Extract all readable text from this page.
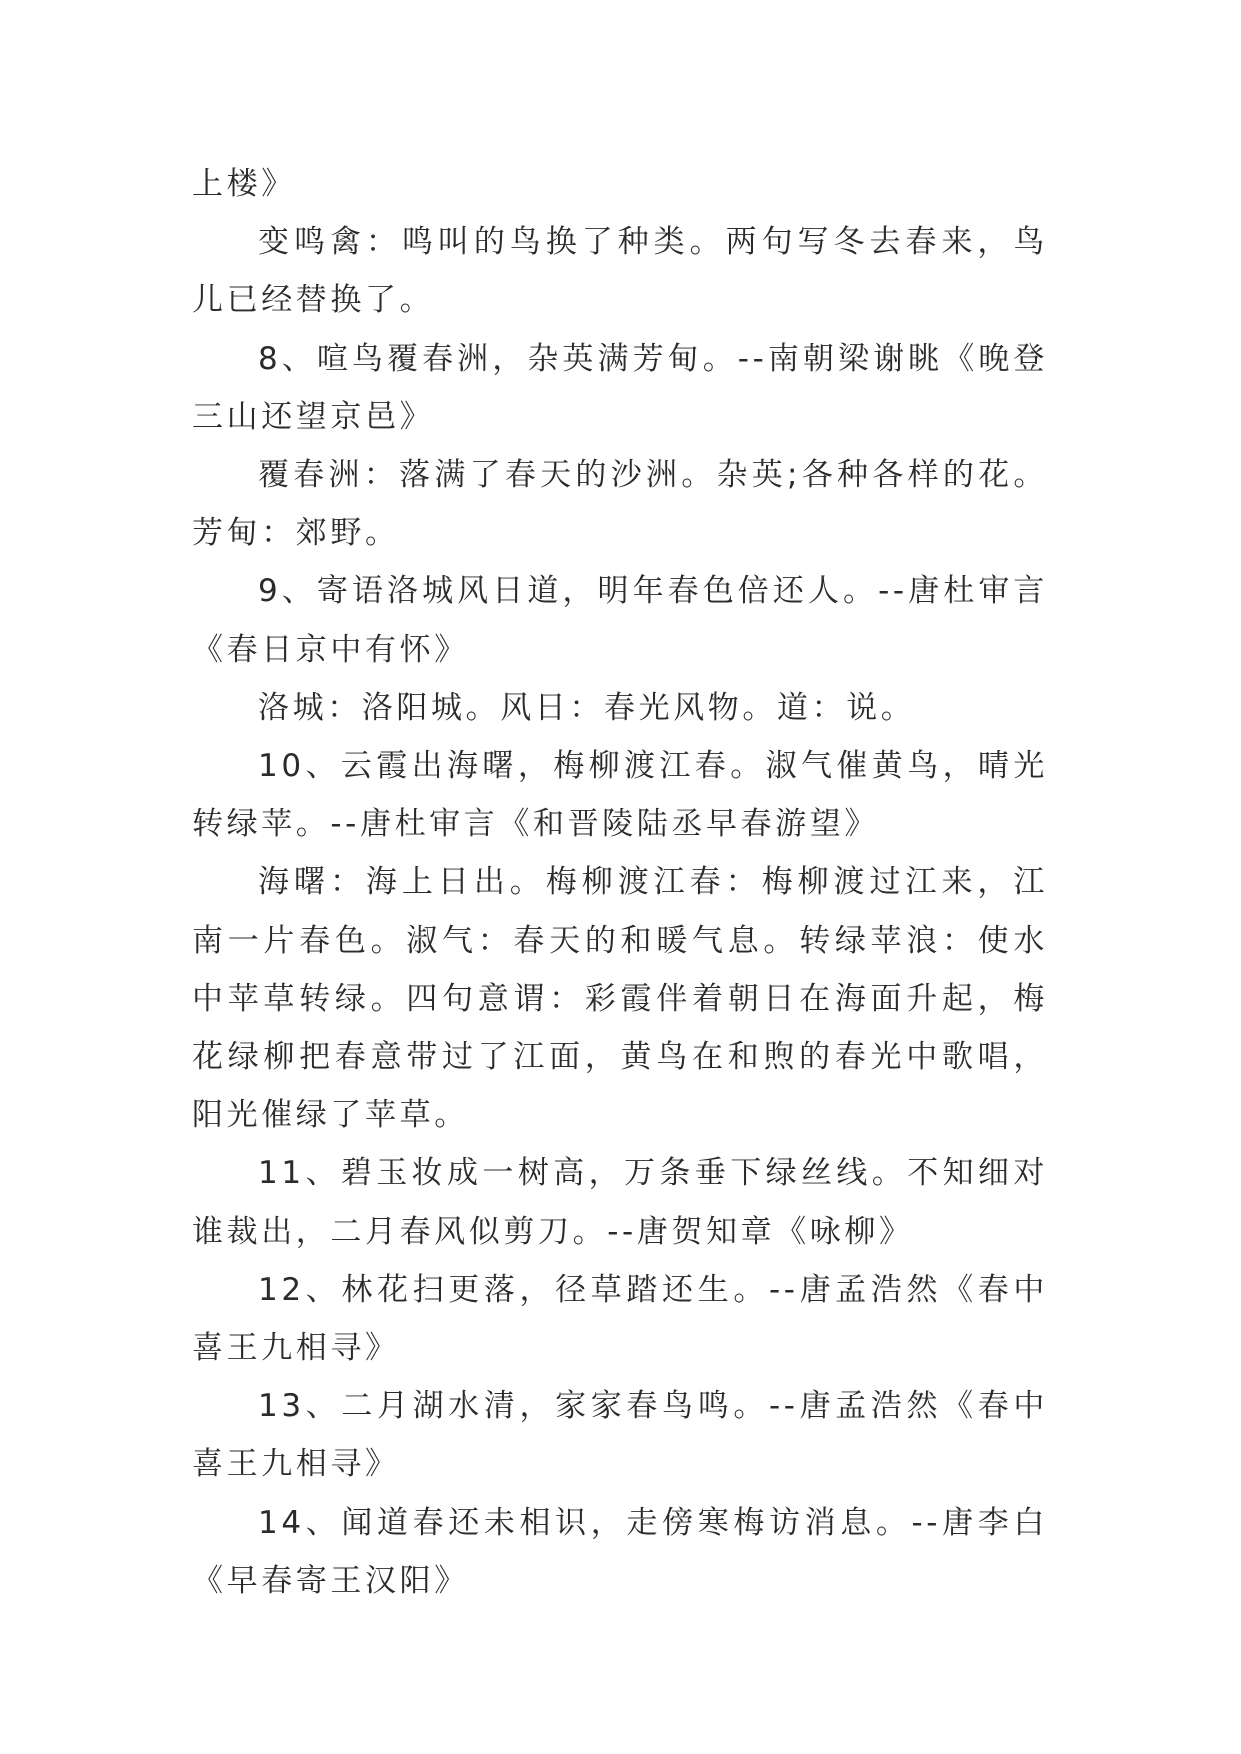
上楼》

变鸣禽：鸣叫的鸟换了种类。两句写冬去春来，鸟儿已经替换了。

8、喧鸟覆春洲，杂英满芳甸。--南朝梁谢眺《晚登三山还望京邑》

覆春洲：落满了春天的沙洲。杂英;各种各样的花。芳甸：郊野。

9、寄语洛城风日道，明年春色倍还人。--唐杜审言《春日京中有怀》

洛城：洛阳城。风日：春光风物。道：说。

10、云霞出海曙，梅柳渡江春。淑气催黄鸟，晴光转绿苹。--唐杜审言《和晋陵陆丞早春游望》

海曙：海上日出。梅柳渡江春：梅柳渡过江来，江南一片春色。淑气：春天的和暖气息。转绿苹浪：使水中苹草转绿。四句意谓：彩霞伴着朝日在海面升起，梅花绿柳把春意带过了江面，黄鸟在和煦的春光中歌唱，阳光催绿了苹草。

11、碧玉妆成一树高，万条垂下绿丝线。不知细对谁裁出，二月春风似剪刀。--唐贺知章《咏柳》

12、林花扫更落，径草踏还生。--唐孟浩然《春中喜王九相寻》

13、二月湖水清，家家春鸟鸣。--唐孟浩然《春中喜王九相寻》

14、闻道春还未相识，走傍寒梅访消息。--唐李白《早春寄王汉阳》
